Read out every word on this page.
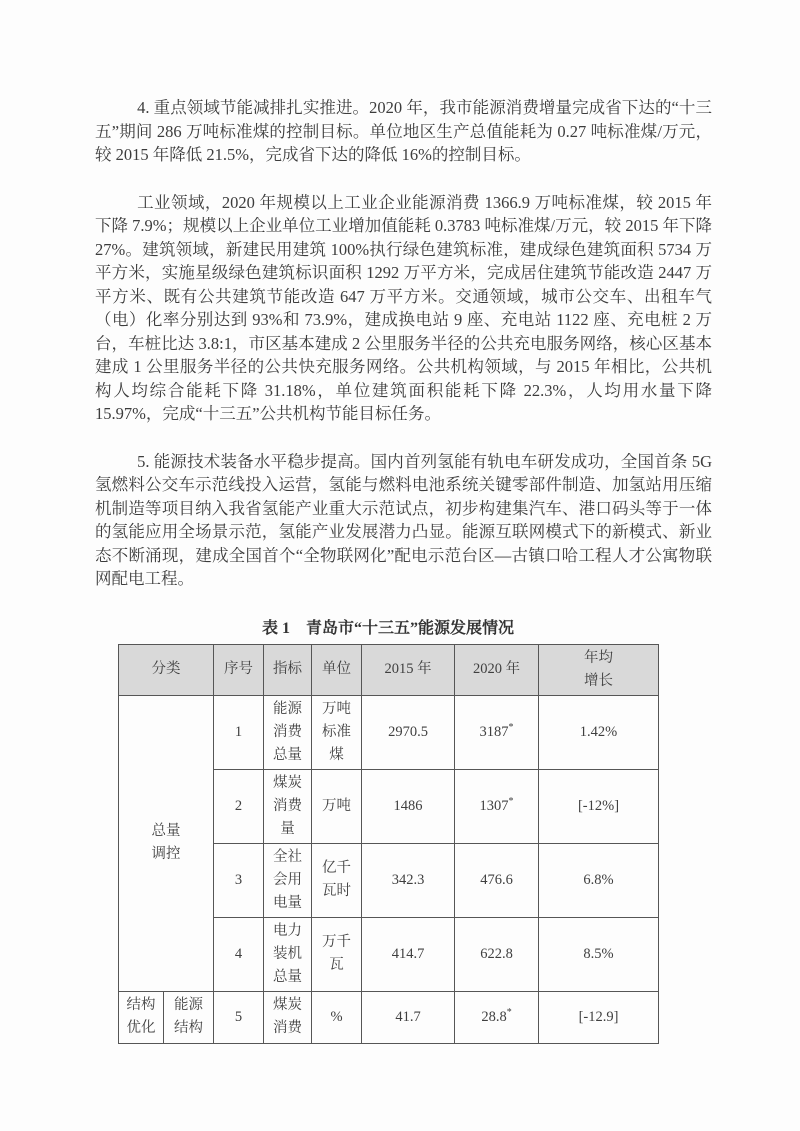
4. 重点领域节能减排扎实推进。2020 年，我市能源消费增量完成省下达的“十三五”期间 286 万吨标准煤的控制目标。单位地区生产总值能耗为 0.27 吨标准煤/万元，较 2015 年降低 21.5%，完成省下达的降低 16%的控制目标。

工业领域，2020 年规模以上工业企业能源消费 1366.9 万吨标准煤，较 2015 年下降 7.9%；规模以上企业单位工业增加值能耗 0.3783 吨标准煤/万元，较 2015 年下降 27%。建筑领域，新建民用建筑 100%执行绿色建筑标准，建成绿色建筑面积 5734 万平方米，实施星级绿色建筑标识面积 1292 万平方米，完成居住建筑节能改造 2447 万平方米、既有公共建筑节能改造 647 万平方米。交通领域，城市公交车、出租车气（电）化率分别达到 93%和 73.9%，建成换电站 9 座、充电站 1122 座、充电桩 2 万台，车桩比达 3.8:1，市区基本建成 2 公里服务半径的公共充电服务网络，核心区基本建成 1 公里服务半径的公共快充服务网络。公共机构领域，与 2015 年相比，公共机构人均综合能耗下降 31.18%，单位建筑面积能耗下降 22.3%，人均用水量下降 15.97%，完成“十三五”公共机构节能目标任务。

5. 能源技术装备水平稳步提高。国内首列氢能有轨电车研发成功，全国首条 5G 氢燃料公交车示范线投入运营，氢能与燃料电池系统关键零部件制造、加氢站用压缩机制造等项目纳入我省氢能产业重大示范试点，初步构建集汽车、港口码头等于一体的氢能应用全场景示范，氢能产业发展潜力凸显。能源互联网模式下的新模式、新业态不断涌现，建成全国首个“全物联网化”配电示范台区—古镇口哈工程人才公寓物联网配电工程。

表 1　青岛市“十三五”能源发展情况
分类		序号	指标	单位	2015 年	2020 年	年均增长
总量调控		1	能源消费总量	万吨标准煤	2970.5	3187*	1.42%
		2	煤炭消费量	万吨	1486	1307*	[-12%]
		3	全社会用电量	亿千瓦时	342.3	476.6	6.8%
		4	电力装机总量	万千瓦	414.7	622.8	8.5%
结构优化	能源结构	5	煤炭消费	%	41.7	28.8*	[-12.9]
